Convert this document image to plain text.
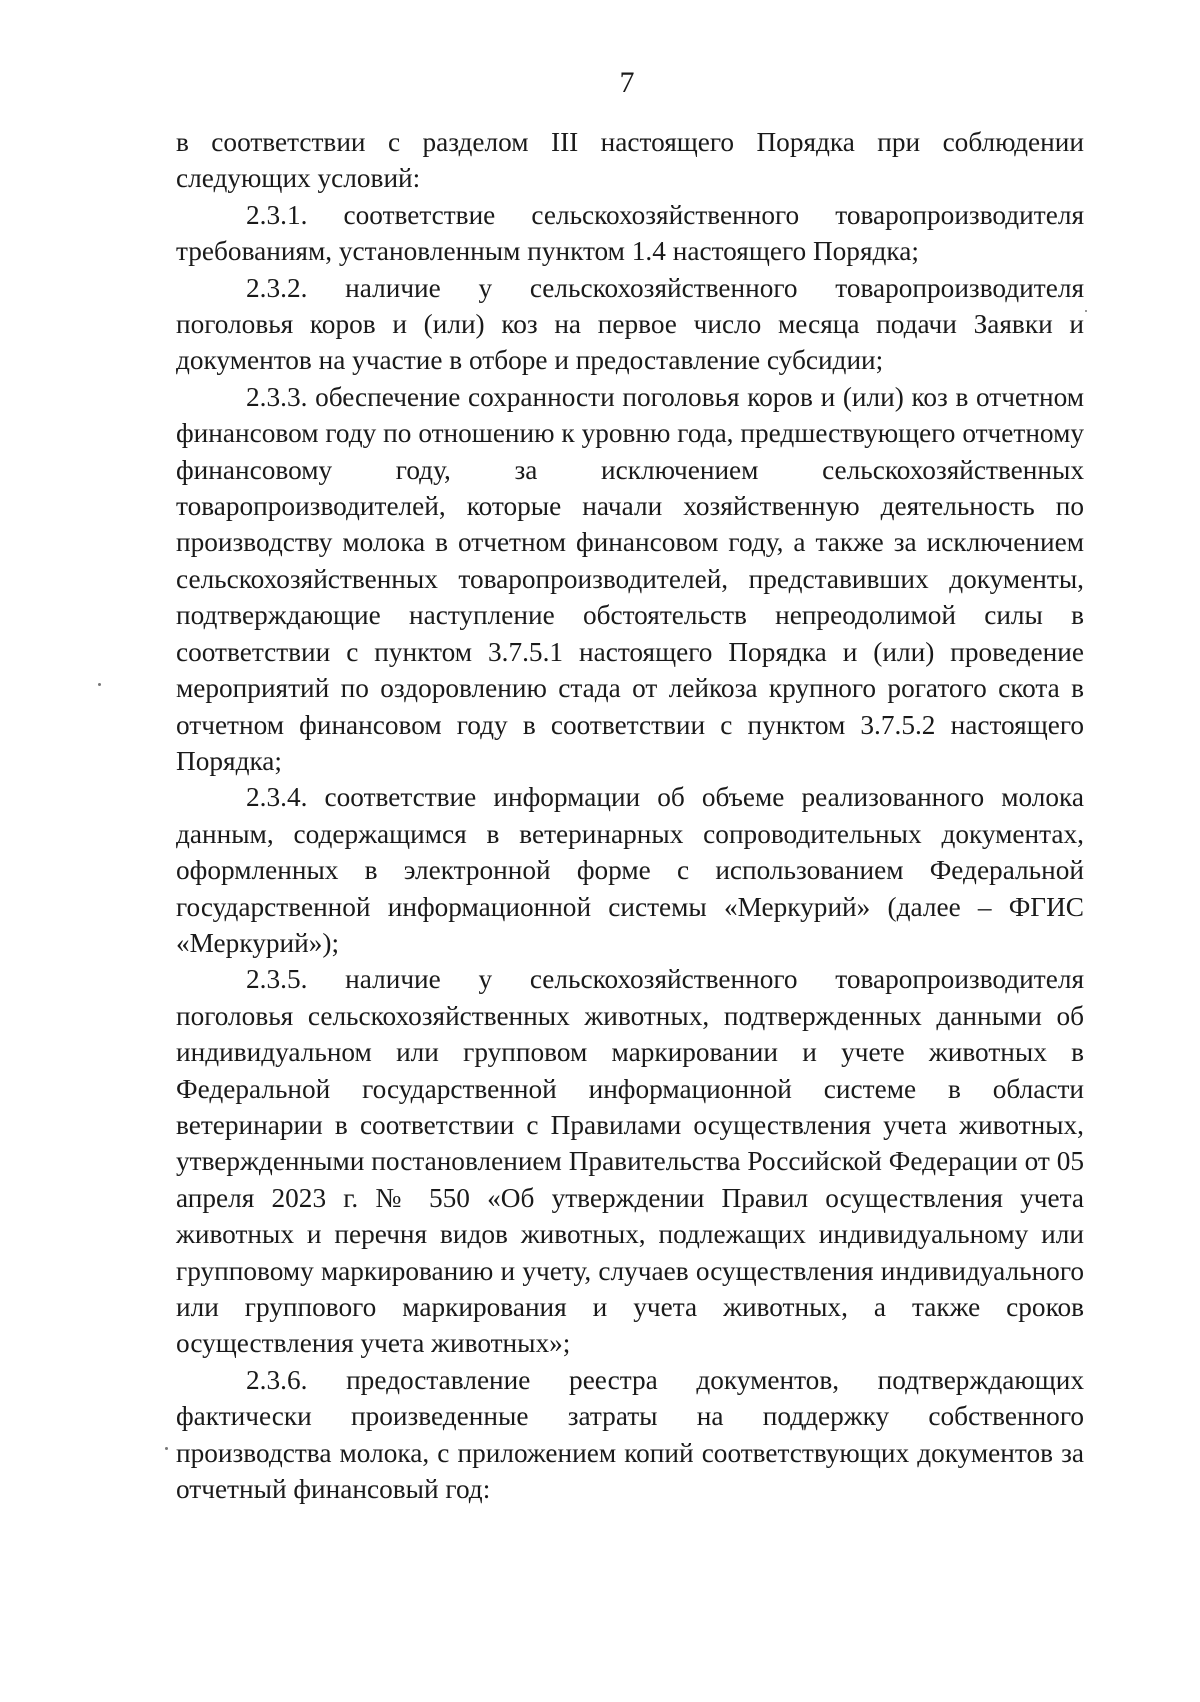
7

в соответствии с разделом III настоящего Порядка при соблюдении следующих условий:

2.3.1. соответствие сельскохозяйственного товаропроизводителя требованиям, установленным пунктом 1.4 настоящего Порядка;

2.3.2. наличие у сельскохозяйственного товаропроизводителя поголовья коров и (или) коз на первое число месяца подачи Заявки и документов на участие в отборе и предоставление субсидии;

2.3.3. обеспечение сохранности поголовья коров и (или) коз в отчетном финансовом году по отношению к уровню года, предшествующего отчетному финансовому году, за исключением сельскохозяйственных товаропроизводителей, которые начали хозяйственную деятельность по производству молока в отчетном финансовом году, а также за исключением сельскохозяйственных товаропроизводителей, представивших документы, подтверждающие наступление обстоятельств непреодолимой силы в соответствии с пунктом 3.7.5.1 настоящего Порядка и (или) проведение мероприятий по оздоровлению стада от лейкоза крупного рогатого скота в отчетном финансовом году в соответствии с пунктом 3.7.5.2 настоящего Порядка;

2.3.4. соответствие информации об объеме реализованного молока данным, содержащимся в ветеринарных сопроводительных документах, оформленных в электронной форме с использованием Федеральной государственной информационной системы «Меркурий» (далее – ФГИС «Меркурий»);

2.3.5. наличие у сельскохозяйственного товаропроизводителя поголовья сельскохозяйственных животных, подтвержденных данными об индивидуальном или групповом маркировании и учете животных в Федеральной государственной информационной системе в области ветеринарии в соответствии с Правилами осуществления учета животных, утвержденными постановлением Правительства Российской Федерации от 05 апреля 2023 г. № 550 «Об утверждении Правил осуществления учета животных и перечня видов животных, подлежащих индивидуальному или групповому маркированию и учету, случаев осуществления индивидуального или группового маркирования и учета животных, а также сроков осуществления учета животных»;

2.3.6. предоставление реестра документов, подтверждающих фактически произведенные затраты на поддержку собственного производства молока, с приложением копий соответствующих документов за отчетный финансовый год:
